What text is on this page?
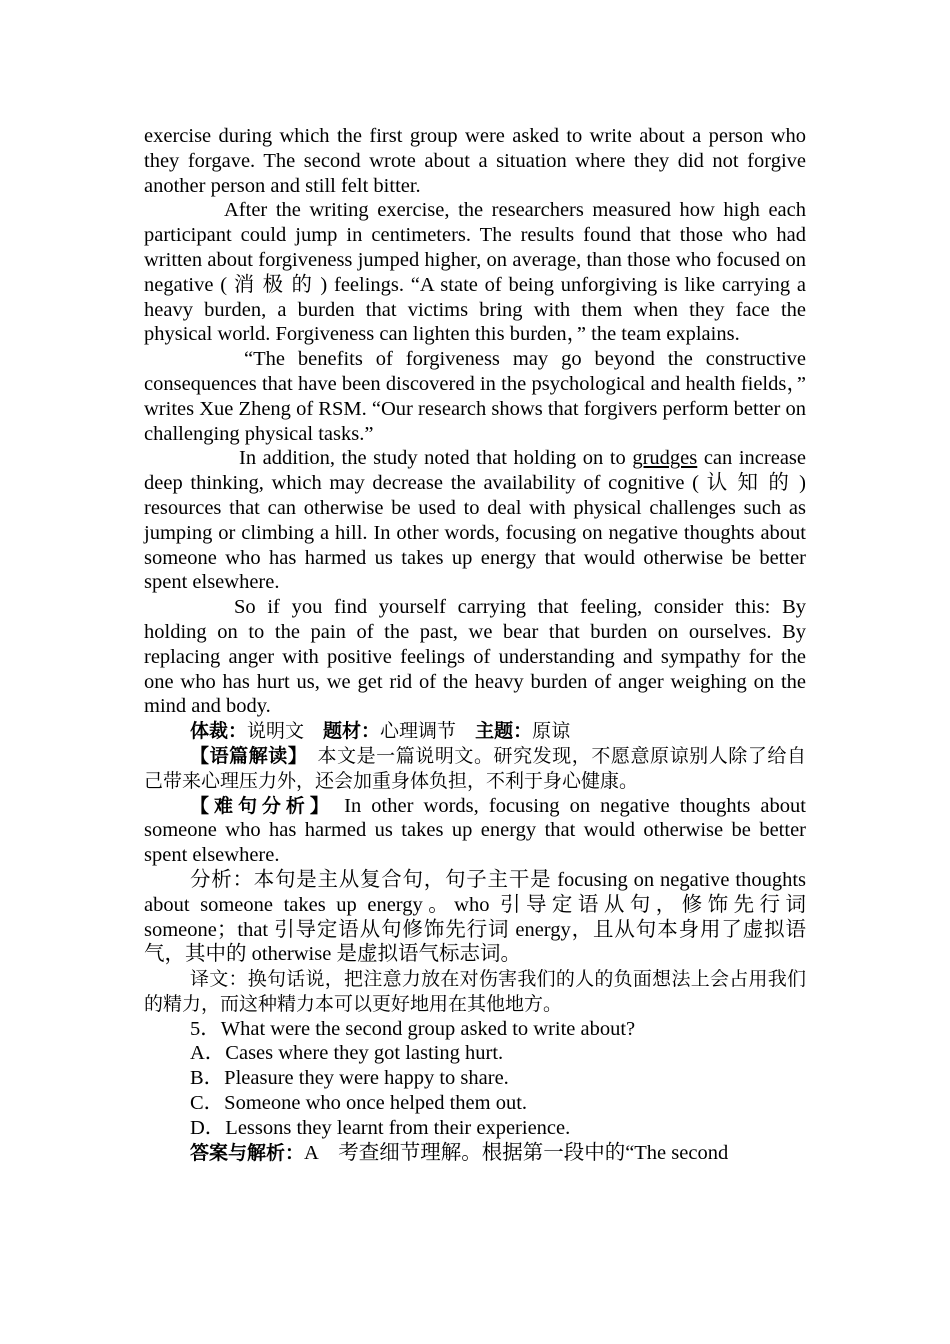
exercise during which the first group were asked to write about a person who they forgave. The second wrote about a situation where they did not forgive another person and still felt bitter.

After the writing exercise, the researchers measured how high each participant could jump in centimeters. The results found that those who had written about forgiveness jumped higher, on average, than those who focused on negative ( 消 极 的 ) feelings. “A state of being unforgiving is like carrying a heavy burden, a burden that victims bring with them when they face the physical world. Forgiveness can lighten this burden，” the team explains.

“The benefits of forgiveness may go beyond the constructive consequences that have been discovered in the psychological and health fields，” writes Xue Zheng of RSM. “Our research shows that forgivers perform better on challenging physical tasks.”

In addition, the study noted that holding on to grudges can increase deep thinking, which may decrease the availability of cognitive ( 认 知 的 ) resources that can otherwise be used to deal with physical challenges such as jumping or climbing a hill. In other words, focusing on negative thoughts about someone who has harmed us takes up energy that would otherwise be better spent elsewhere.

So if you find yourself carrying that feeling, consider this: By holding on to the pain of the past, we bear that burden on ourselves. By replacing anger with positive feelings of understanding and sympathy for the one who has hurt us, we get rid of the heavy burden of anger weighing on the mind and body.

体裁：说明文  题材：心理调节  主题：原谅

【语篇解读】  本文是一篇说明文。研究发现，不愿意原谅别人除了给自己带来心理压力外，还会加重身体负担，不利于身心健康。

【难句分析】  In other words, focusing on negative thoughts about someone who has harmed us takes up energy that would otherwise be better spent elsewhere.

分析：本句是主从复合句，句子主干是 focusing on negative thoughts about someone takes up energy。who 引导定语从句，修饰先行词 someone；that 引导定语从句修饰先行词 energy，且从句本身用了虚拟语气，其中的 otherwise 是虚拟语气标志词。

译文：换句话说，把注意力放在对伤害我们的人的负面想法上会占用我们的精力，而这种精力本可以更好地用在其他地方。

5．What were the second group asked to write about?

A．Cases where they got lasting hurt.

B．Pleasure they were happy to share.

C．Someone who once helped them out.

D．Lessons they learnt from their experience.

答案与解析：A　考查细节理解。根据第一段中的“The second
